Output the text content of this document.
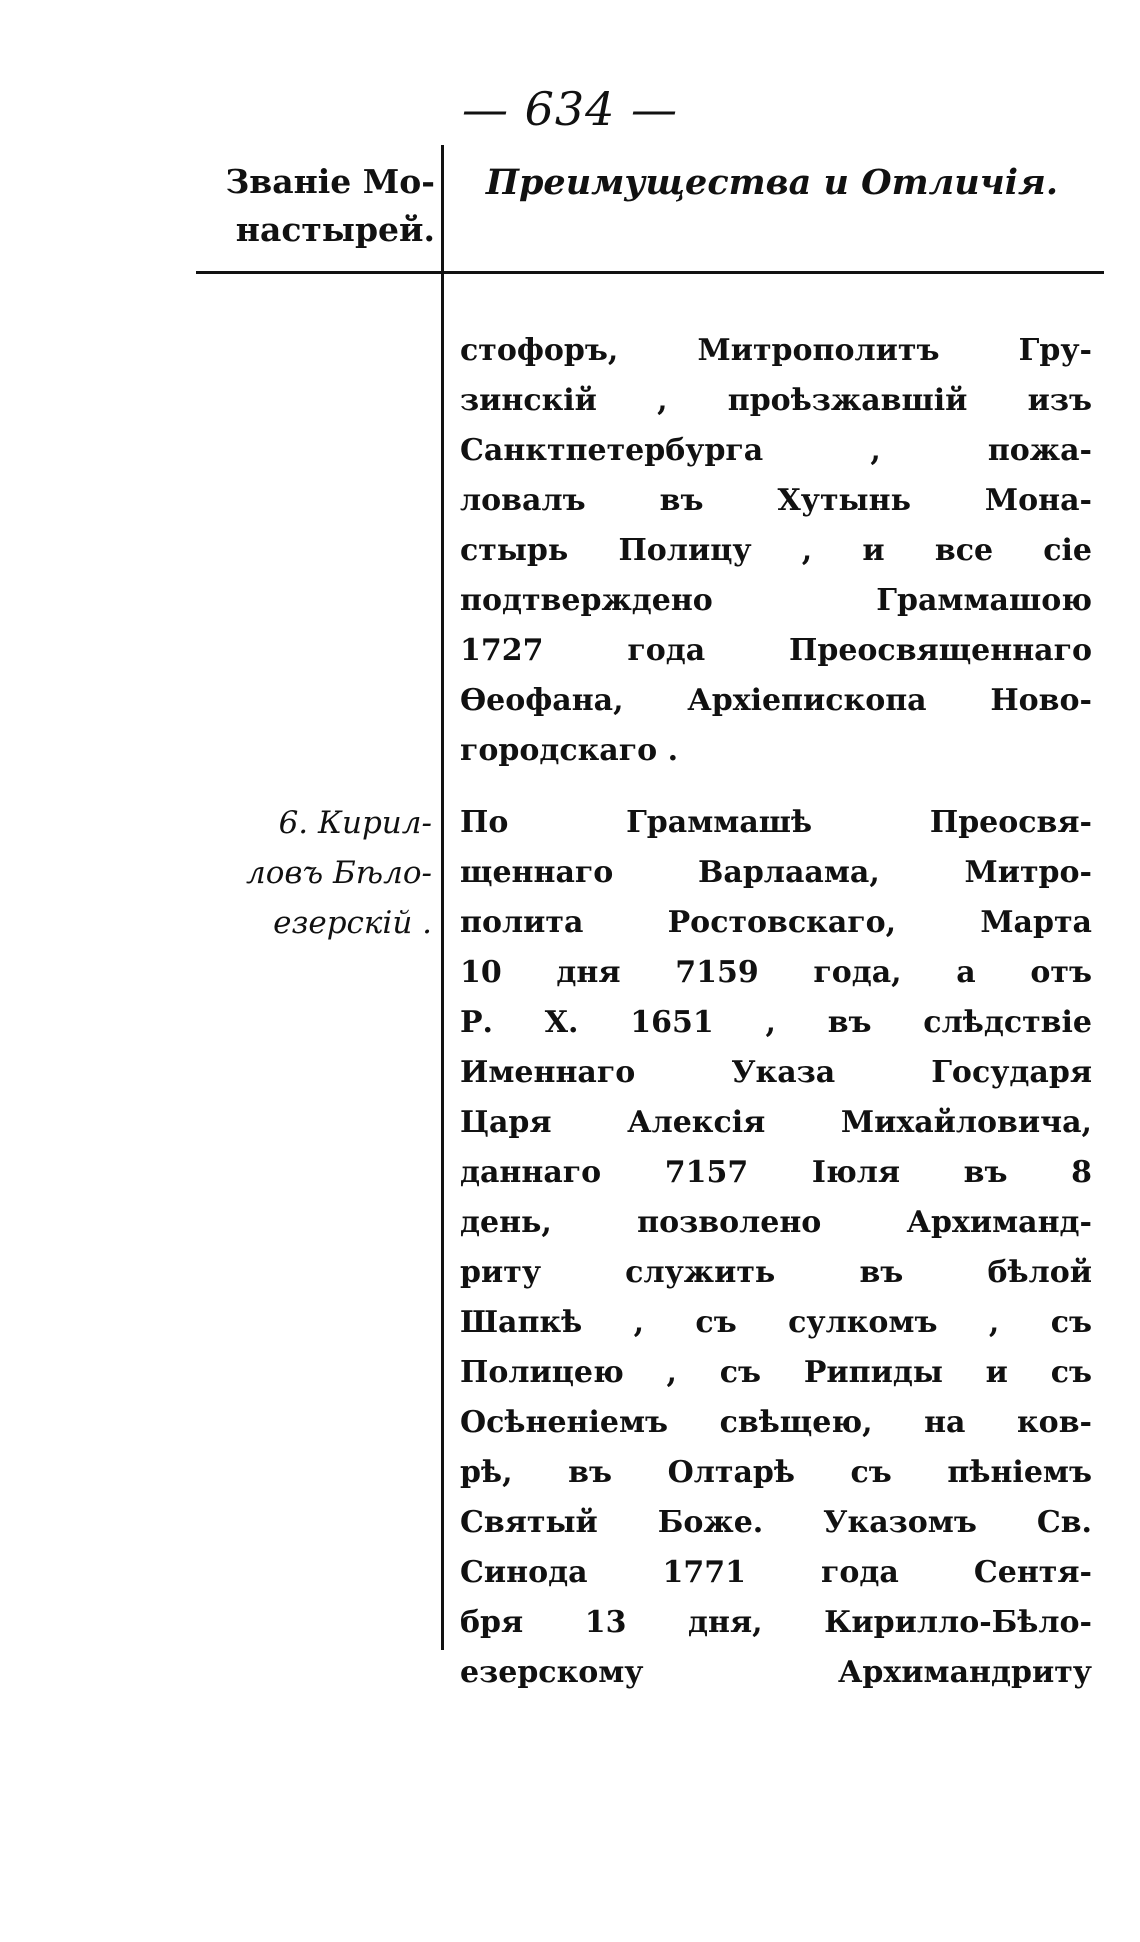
— 634 —
Званіе Мо-
настырей.
Преимущества и Отличія.
стофоръ, Митрополитъ Гру-
зинскій , проѣзжавшій изъ
Санктпетербурга , пожа-
ловалъ въ Хутынь Мона-
стырь Полицу , и все сіе
подтверждено Граммашою
1727 года Преосвященнаго
Ѳеофана, Архіепископа Ново-
городскаго .
6. Кирил-
ловъ Бѣло-
езерскій .
По Граммашѣ Преосвя-
щеннаго Варлаама, Митро-
полита Ростовскаго, Марта
10 дня 7159 года, а отъ
Р. Х. 1651 , въ слѣдствіе
Именнаго Указа Государя
Царя Алексія Михайловича,
даннаго 7157 Іюля въ 8
день, позволено Архиманд-
риту служить въ бѣлой
Шапкѣ , съ сулкомъ , съ
Полицею , съ Рипиды и съ
Осѣненіемъ свѣщею, на ков-
рѣ, въ Олтарѣ съ пѣніемъ
Святый Боже. Указомъ Св.
Синода 1771 года Сентя-
бря 13 дня, Кирилло-Бѣло-
езерскому Архимандриту
